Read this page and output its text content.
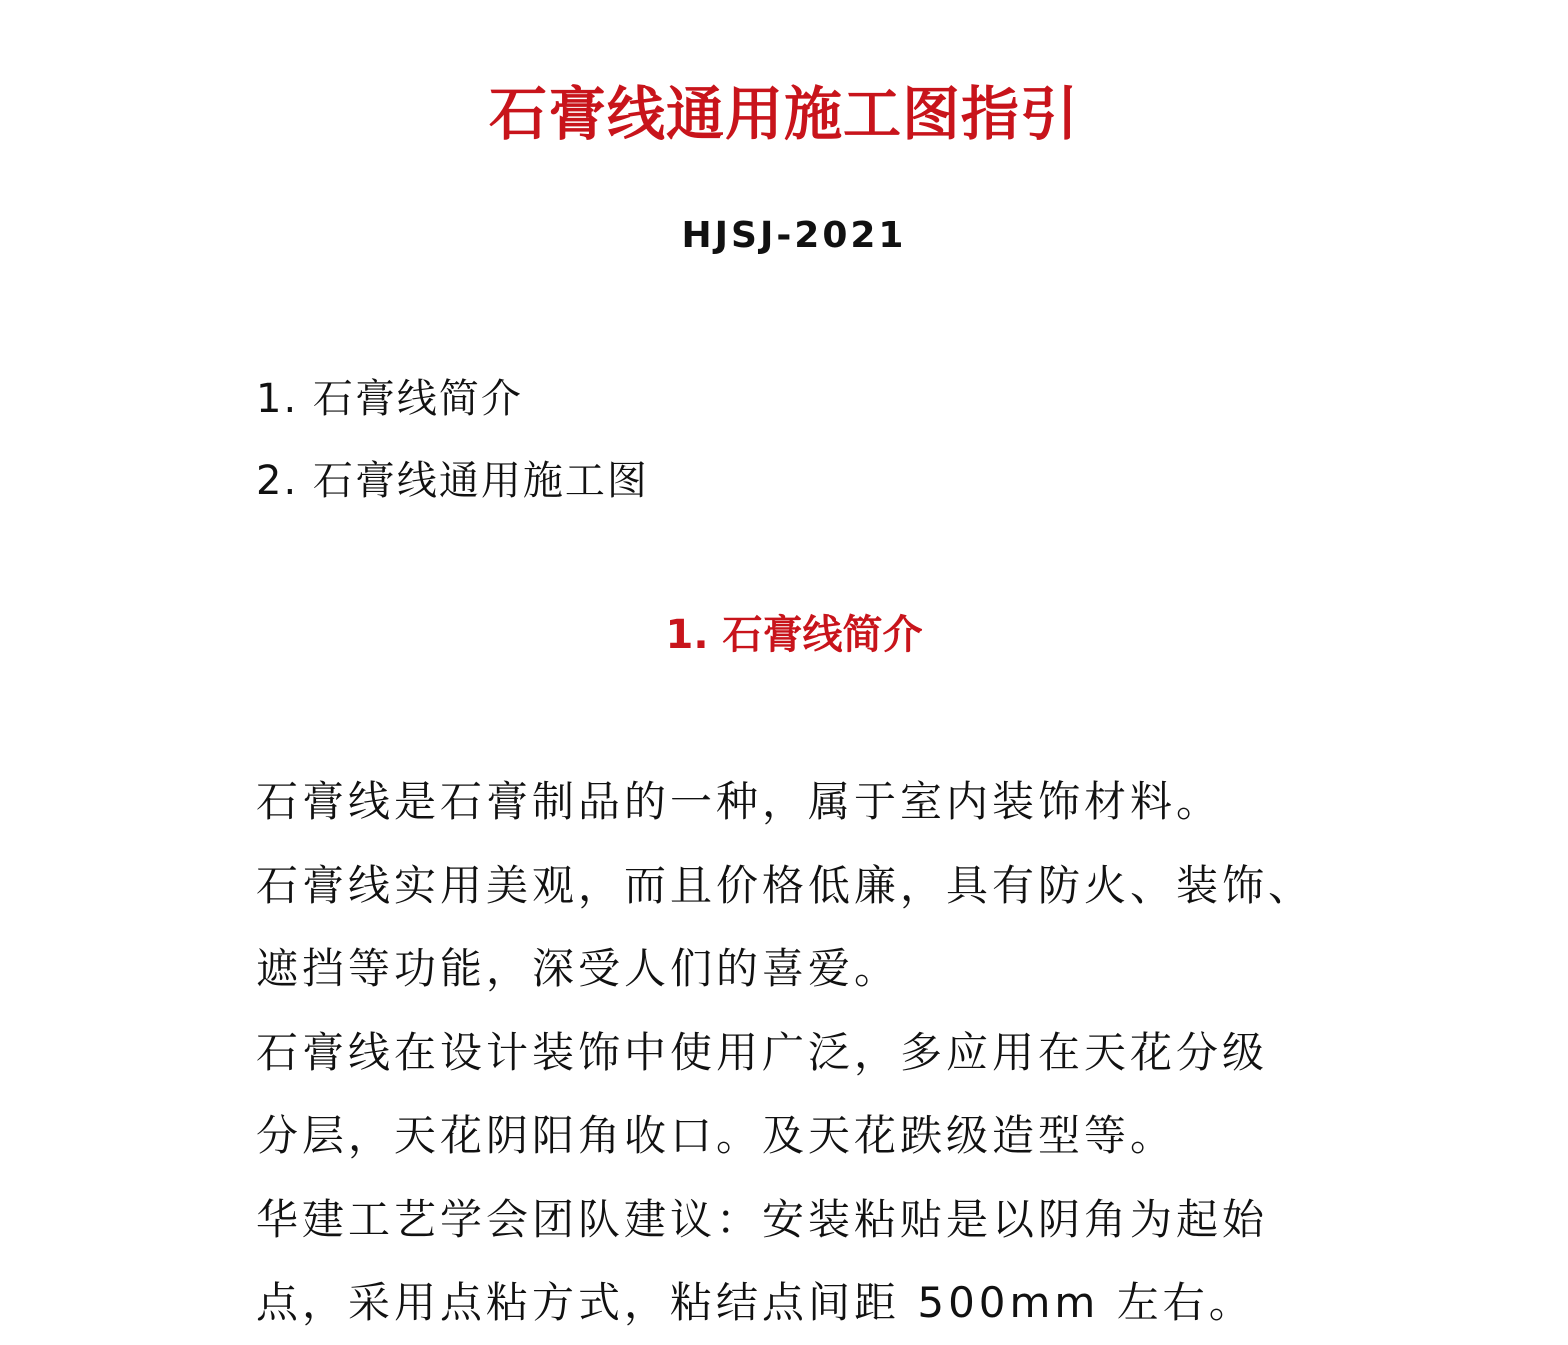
石膏线通用施工图指引
HJSJ-2021
1. 石膏线简介
2. 石膏线通用施工图
1. 石膏线简介
石膏线是石膏制品的一种，属于室内装饰材料。
石膏线实用美观，而且价格低廉，具有防火、装饰、
遮挡等功能，深受人们的喜爱。
石膏线在设计装饰中使用广泛，多应用在天花分级
分层，天花阴阳角收口。及天花跌级造型等。
华建工艺学会团队建议：安装粘贴是以阴角为起始
点，采用点粘方式，粘结点间距 500mm 左右。
